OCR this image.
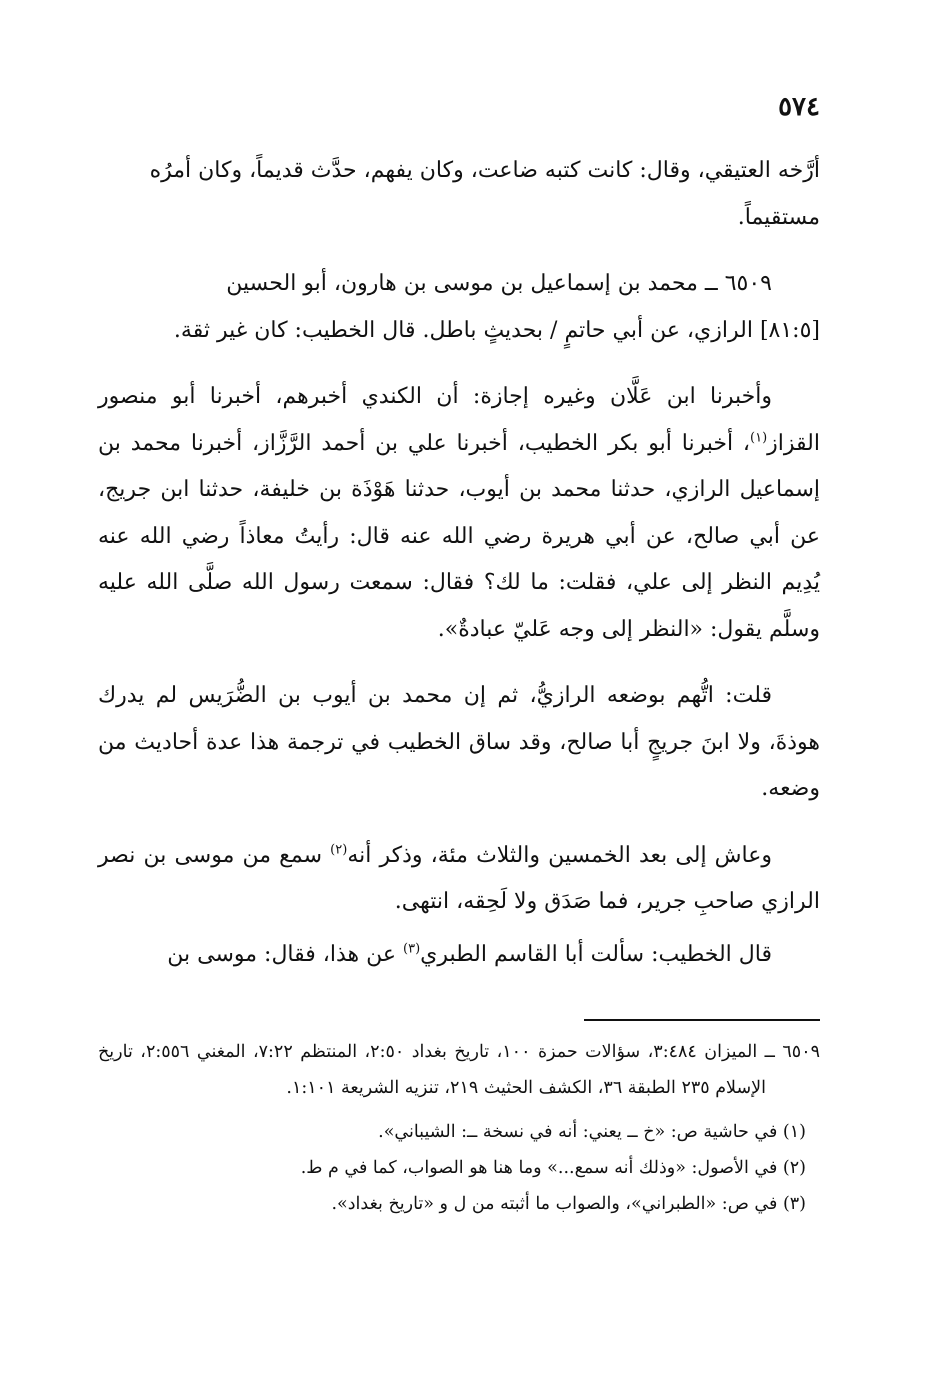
٥٧٤

أرَّخه العتيقي، وقال: كانت كتبه ضاعت، وكان يفهم، حدَّث قديماً، وكان أمرُه
مستقيماً.

٦٥٠٩ ــ محمد بن إسماعيل بن موسى بن هارون، أبو الحسين
[٨١:٥] الرازي، عن أبي حاتمٍ / بحديثٍ باطل. قال الخطيب: كان غير ثقة.

وأخبرنا ابن عَلَّان وغيره إجازة: أن الكندي أخبرهم، أخبرنا أبو منصور القزاز$^{(١)}$، أخبرنا أبو بكر الخطيب، أخبرنا علي بن أحمد الرَّزَّاز، أخبرنا محمد بن إسماعيل الرازي، حدثنا محمد بن أيوب، حدثنا هَوْذَة بن خليفة، حدثنا ابن جريج، عن أبي صالح، عن أبي هريرة رضي الله عنه قال: رأيتُ معاذاً رضي الله عنه يُدِيم النظر إلى علي، فقلت: ما لك؟ فقال: سمعت رسول الله صلَّى الله عليه وسلَّم يقول: «النظر إلى وجه عَليّ عبادةٌ».

قلت: اتُّهم بوضعه الرازيُّ، ثم إن محمد بن أيوب بن الضُّرَيس لم يدرك هوذةَ، ولا ابنَ جريجٍ أبا صالح، وقد ساق الخطيب في ترجمة هذا عدة أحاديث من وضعه.

وعاش إلى بعد الخمسين والثلاث مئة، وذكر أنه$^{(٢)}$ سمع من موسى بن نصر الرازي صاحبِ جرير، فما صَدَق ولا لَحِقه، انتهى.

قال الخطيب: سألت أبا القاسم الطبري$^{(٣)}$ عن هذا، فقال: موسى بن

٦٥٠٩ ــ الميزان ٣:٤٨٤، سؤالات حمزة ١٠٠، تاريخ بغداد ٢:٥٠، المنتظم ٧:٢٢، المغني ٢:٥٥٦، تاريخ الإسلام ٢٣٥ الطبقة ٣٦، الكشف الحثيث ٢١٩، تنزيه الشريعة ١:١٠١.

(١) في حاشية ص: «خ ــ يعني: أنه في نسخة ــ: الشيباني».

(٢) في الأصول: «وذلك أنه سمع...» وما هنا هو الصواب، كما في م ط.

(٣) في ص: «الطبراني»، والصواب ما أثبته من ل و «تاريخ بغداد».
